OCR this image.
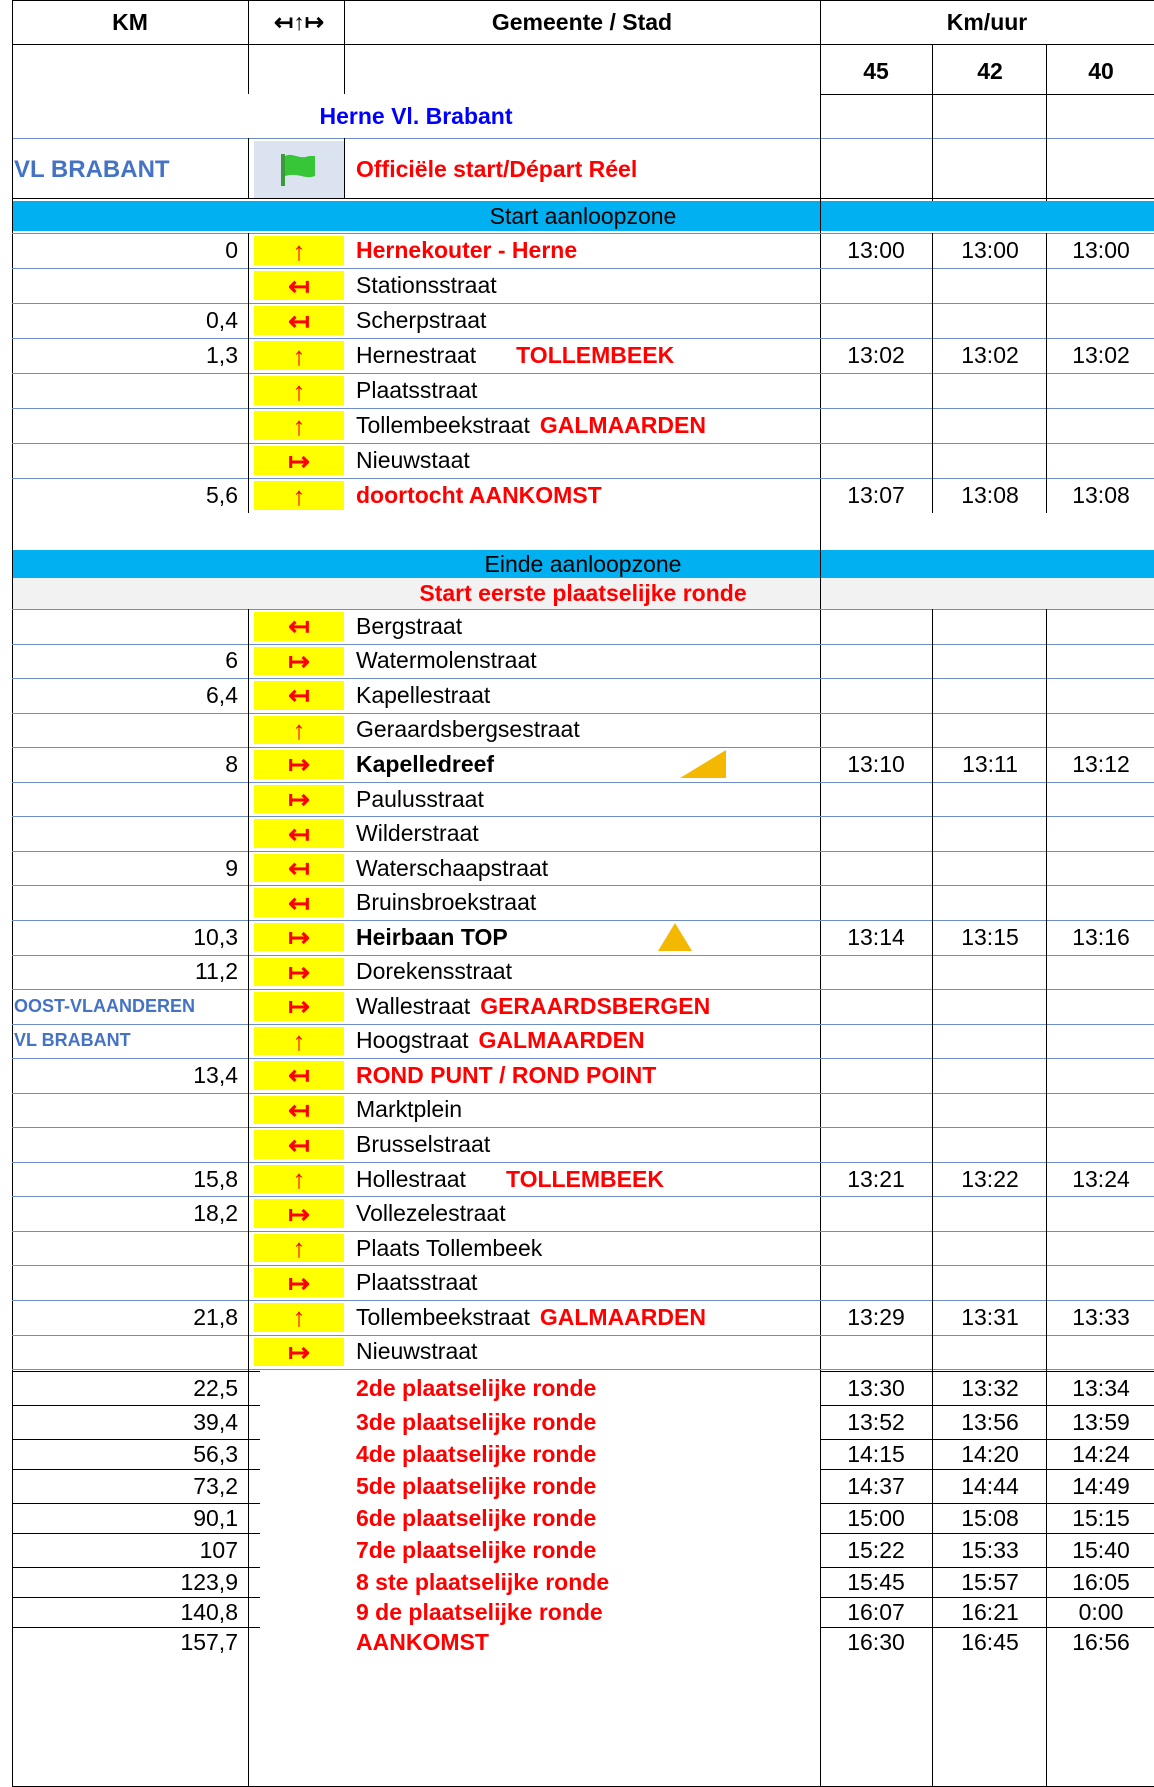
KM	↤↑↦	Gemeente / Stad	Km/uur
45	42	40
Herne Vl. Brabant
VL BRABANT	Officiële start/Départ Réel
Start aanloopzone
0	↑ Hernekouter - Herne	13:00	13:00	13:00
↤ Stationsstraat
0,4	↤ Scherpstraat
1,3	↑ Hernestraat TOLLEMBEEK	13:02	13:02	13:02
↑ Plaatsstraat
↑ Tollembeekstraat GALMAARDEN
↦ Nieuwstaat
5,6	↑ doortocht AANKOMST	13:07	13:08	13:08
Einde aanloopzone
Start eerste plaatselijke ronde
↤ Bergstraat
6	↦ Watermolenstraat
6,4	↤ Kapellestraat
↑ Geraardsbergsestraat
8	↦ Kapelledreef	13:10	13:11	13:12
↦ Paulusstraat
↤ Wilderstraat
9	↤ Waterschaapstraat
↤ Bruinsbroekstraat
10,3	↦ Heirbaan TOP	13:14	13:15	13:16
11,2	↦ Dorekensstraat
OOST-VLAANDEREN	↦ Wallestraat GERAARDSBERGEN
VL BRABANT	↑ Hoogstraat GALMAARDEN
13,4	↤ ROND PUNT / ROND POINT
↤ Marktplein
↤ Brusselstraat
15,8	↑ Hollestraat TOLLEMBEEK	13:21	13:22	13:24
18,2	↦ Vollezelestraat
↑ Plaats Tollembeek
↦ Plaatsstraat
21,8	↑ Tollembeekstraat GALMAARDEN	13:29	13:31	13:33
↦ Nieuwstraat
22,5	2de plaatselijke ronde	13:30	13:32	13:34
39,4	3de plaatselijke ronde	13:52	13:56	13:59
56,3	4de plaatselijke ronde	14:15	14:20	14:24
73,2	5de plaatselijke ronde	14:37	14:44	14:49
90,1	6de plaatselijke ronde	15:00	15:08	15:15
107	7de plaatselijke ronde	15:22	15:33	15:40
123,9	8 ste plaatselijke ronde	15:45	15:57	16:05
140,8	9 de plaatselijke ronde	16:07	16:21	0:00
157,7	AANKOMST	16:30	16:45	16:56
